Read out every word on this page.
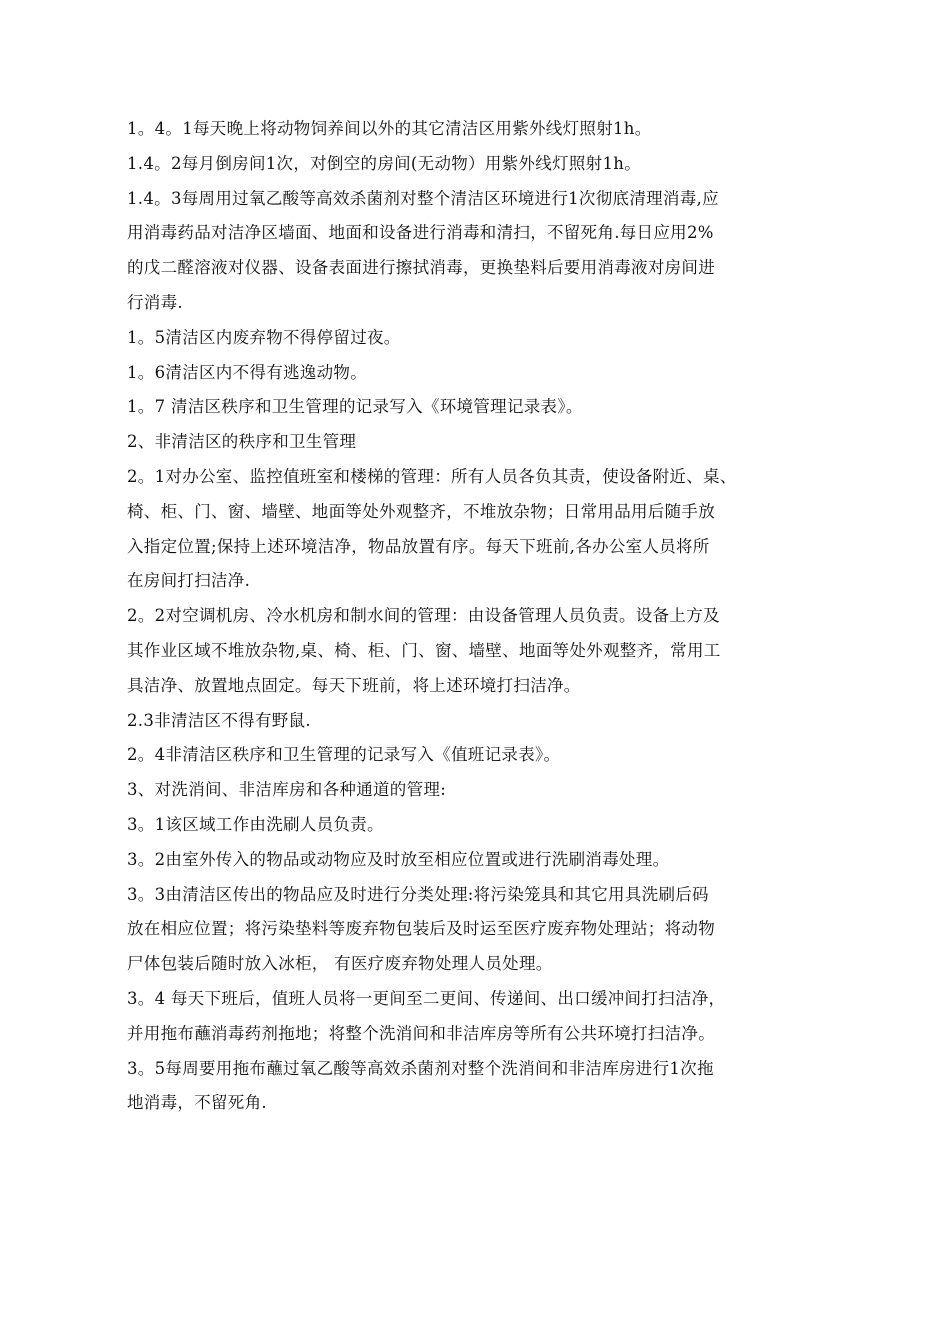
1。4。1每天晚上将动物饲养间以外的其它清洁区用紫外线灯照射1h。
1.4。2每月倒房间1次，对倒空的房间(无动物）用紫外线灯照射1h。
1.4。3每周用过氧乙酸等高效杀菌剂对整个清洁区环境进行1次彻底清理消毒,应
用消毒药品对洁净区墙面、地面和设备进行消毒和清扫，不留死角.每日应用2%
的戊二醛溶液对仪器、设备表面进行擦拭消毒，更换垫料后要用消毒液对房间进
行消毒.
1。5清洁区内废弃物不得停留过夜。
1。6清洁区内不得有逃逸动物。
1。7 清洁区秩序和卫生管理的记录写入《环境管理记录表》。
2、非清洁区的秩序和卫生管理
2。1对办公室、监控值班室和楼梯的管理：所有人员各负其责，使设备附近、桌、
椅、柜、门、窗、墙壁、地面等处外观整齐，不堆放杂物；日常用品用后随手放
入指定位置;保持上述环境洁净，物品放置有序。每天下班前,各办公室人员将所
在房间打扫洁净.
2。2对空调机房、冷水机房和制水间的管理：由设备管理人员负责。设备上方及
其作业区域不堆放杂物,桌、椅、柜、门、窗、墙壁、地面等处外观整齐，常用工
具洁净、放置地点固定。每天下班前，将上述环境打扫洁净。
2.3非清洁区不得有野鼠.
2。4非清洁区秩序和卫生管理的记录写入《值班记录表》。
3、对洗消间、非洁库房和各种通道的管理:
3。1该区域工作由洗刷人员负责。
3。2由室外传入的物品或动物应及时放至相应位置或进行洗刷消毒处理。
3。3由清洁区传出的物品应及时进行分类处理:将污染笼具和其它用具洗刷后码
放在相应位置；将污染垫料等废弃物包装后及时运至医疗废弃物处理站；将动物
尸体包装后随时放入冰柜， 有医疗废弃物处理人员处理。
3。4 每天下班后，值班人员将一更间至二更间、传递间、出口缓冲间打扫洁净，
并用拖布蘸消毒药剂拖地；将整个洗消间和非洁库房等所有公共环境打扫洁净。
3。5每周要用拖布蘸过氧乙酸等高效杀菌剂对整个洗消间和非洁库房进行1次拖
地消毒，不留死角.
